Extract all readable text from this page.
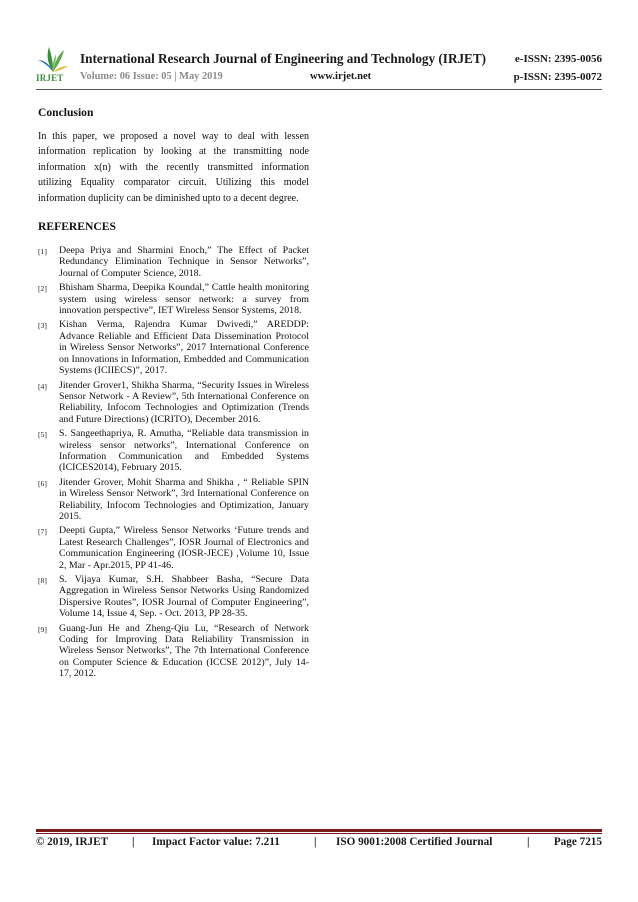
IRJET
International Research Journal of Engineering and Technology (IRJET)	e-ISSN: 2395-0056
Volume: 06 Issue: 05 | May 2019	www.irjet.net	p-ISSN: 2395-0072
Conclusion

In this paper, we proposed a novel way to deal with lessen information replication by looking at the transmitting node information x(n) with the recently transmitted information utilizing Equality comparator circuit. Utilizing this model information duplicity can be diminished upto to a decent degree.

REFERENCES
[1] Deepa Priya and Sharmini Enoch,” The Effect of Packet Redundancy Elimination Technique in Sensor Networks”, Journal of Computer Science, 2018.
[2] Bhisham Sharma, Deepika Koundal,” Cattle health monitoring system using wireless sensor network: a survey from innovation perspective”, IET Wireless Sensor Systems, 2018.
[3] Kishan Verma, Rajendra Kumar Dwivedi,” AREDDP: Advance Reliable and Efficient Data Dissemination Protocol in Wireless Sensor Networks”, 2017 International Conference on Innovations in Information, Embedded and Communication Systems (ICIIECS)”, 2017.
[4] Jitender Grover1, Shikha Sharma, “Security Issues in Wireless Sensor Network - A Review”, 5th International Conference on Reliability, Infocom Technologies and Optimization (Trends and Future Directions) (ICRITO), December 2016.
[5] S. Sangeethapriya, R. Amutha, “Reliable data transmission in wireless sensor networks”, International Conference on Information Communication and Embedded Systems (ICICES2014), February 2015.
[6] Jitender Grover, Mohit Sharma and Shikha , “ Reliable SPIN in Wireless Sensor Network”, 3rd International Conference on Reliability, Infocom Technologies and Optimization, January 2015.
[7] Deepti Gupta,” Wireless Sensor Networks ‘Future trends and Latest Research Challenges”, IOSR Journal of Electronics and Communication Engineering (IOSR-JECE) ,Volume 10, Issue 2, Mar - Apr.2015, PP 41-46.
[8] S. Vijaya Kumar, S.H. Shabbeer Basha, “Secure Data Aggregation in Wireless Sensor Networks Using Randomized Dispersive Routes”, IOSR Journal of Computer Engineering”, Volume 14, Issue 4, Sep. - Oct. 2013, PP 28-35.
[9] Guang-Jun He and Zheng-Qiu Lu, “Research of Network Coding for Improving Data Reliability Transmission in Wireless Sensor Networks”, The 7th International Conference on Computer Science & Education (ICCSE 2012)”, July 14-17, 2012.
© 2019, IRJET | Impact Factor value: 7.211	| ISO 9001:2008 Certified Journal	| Page 7215
